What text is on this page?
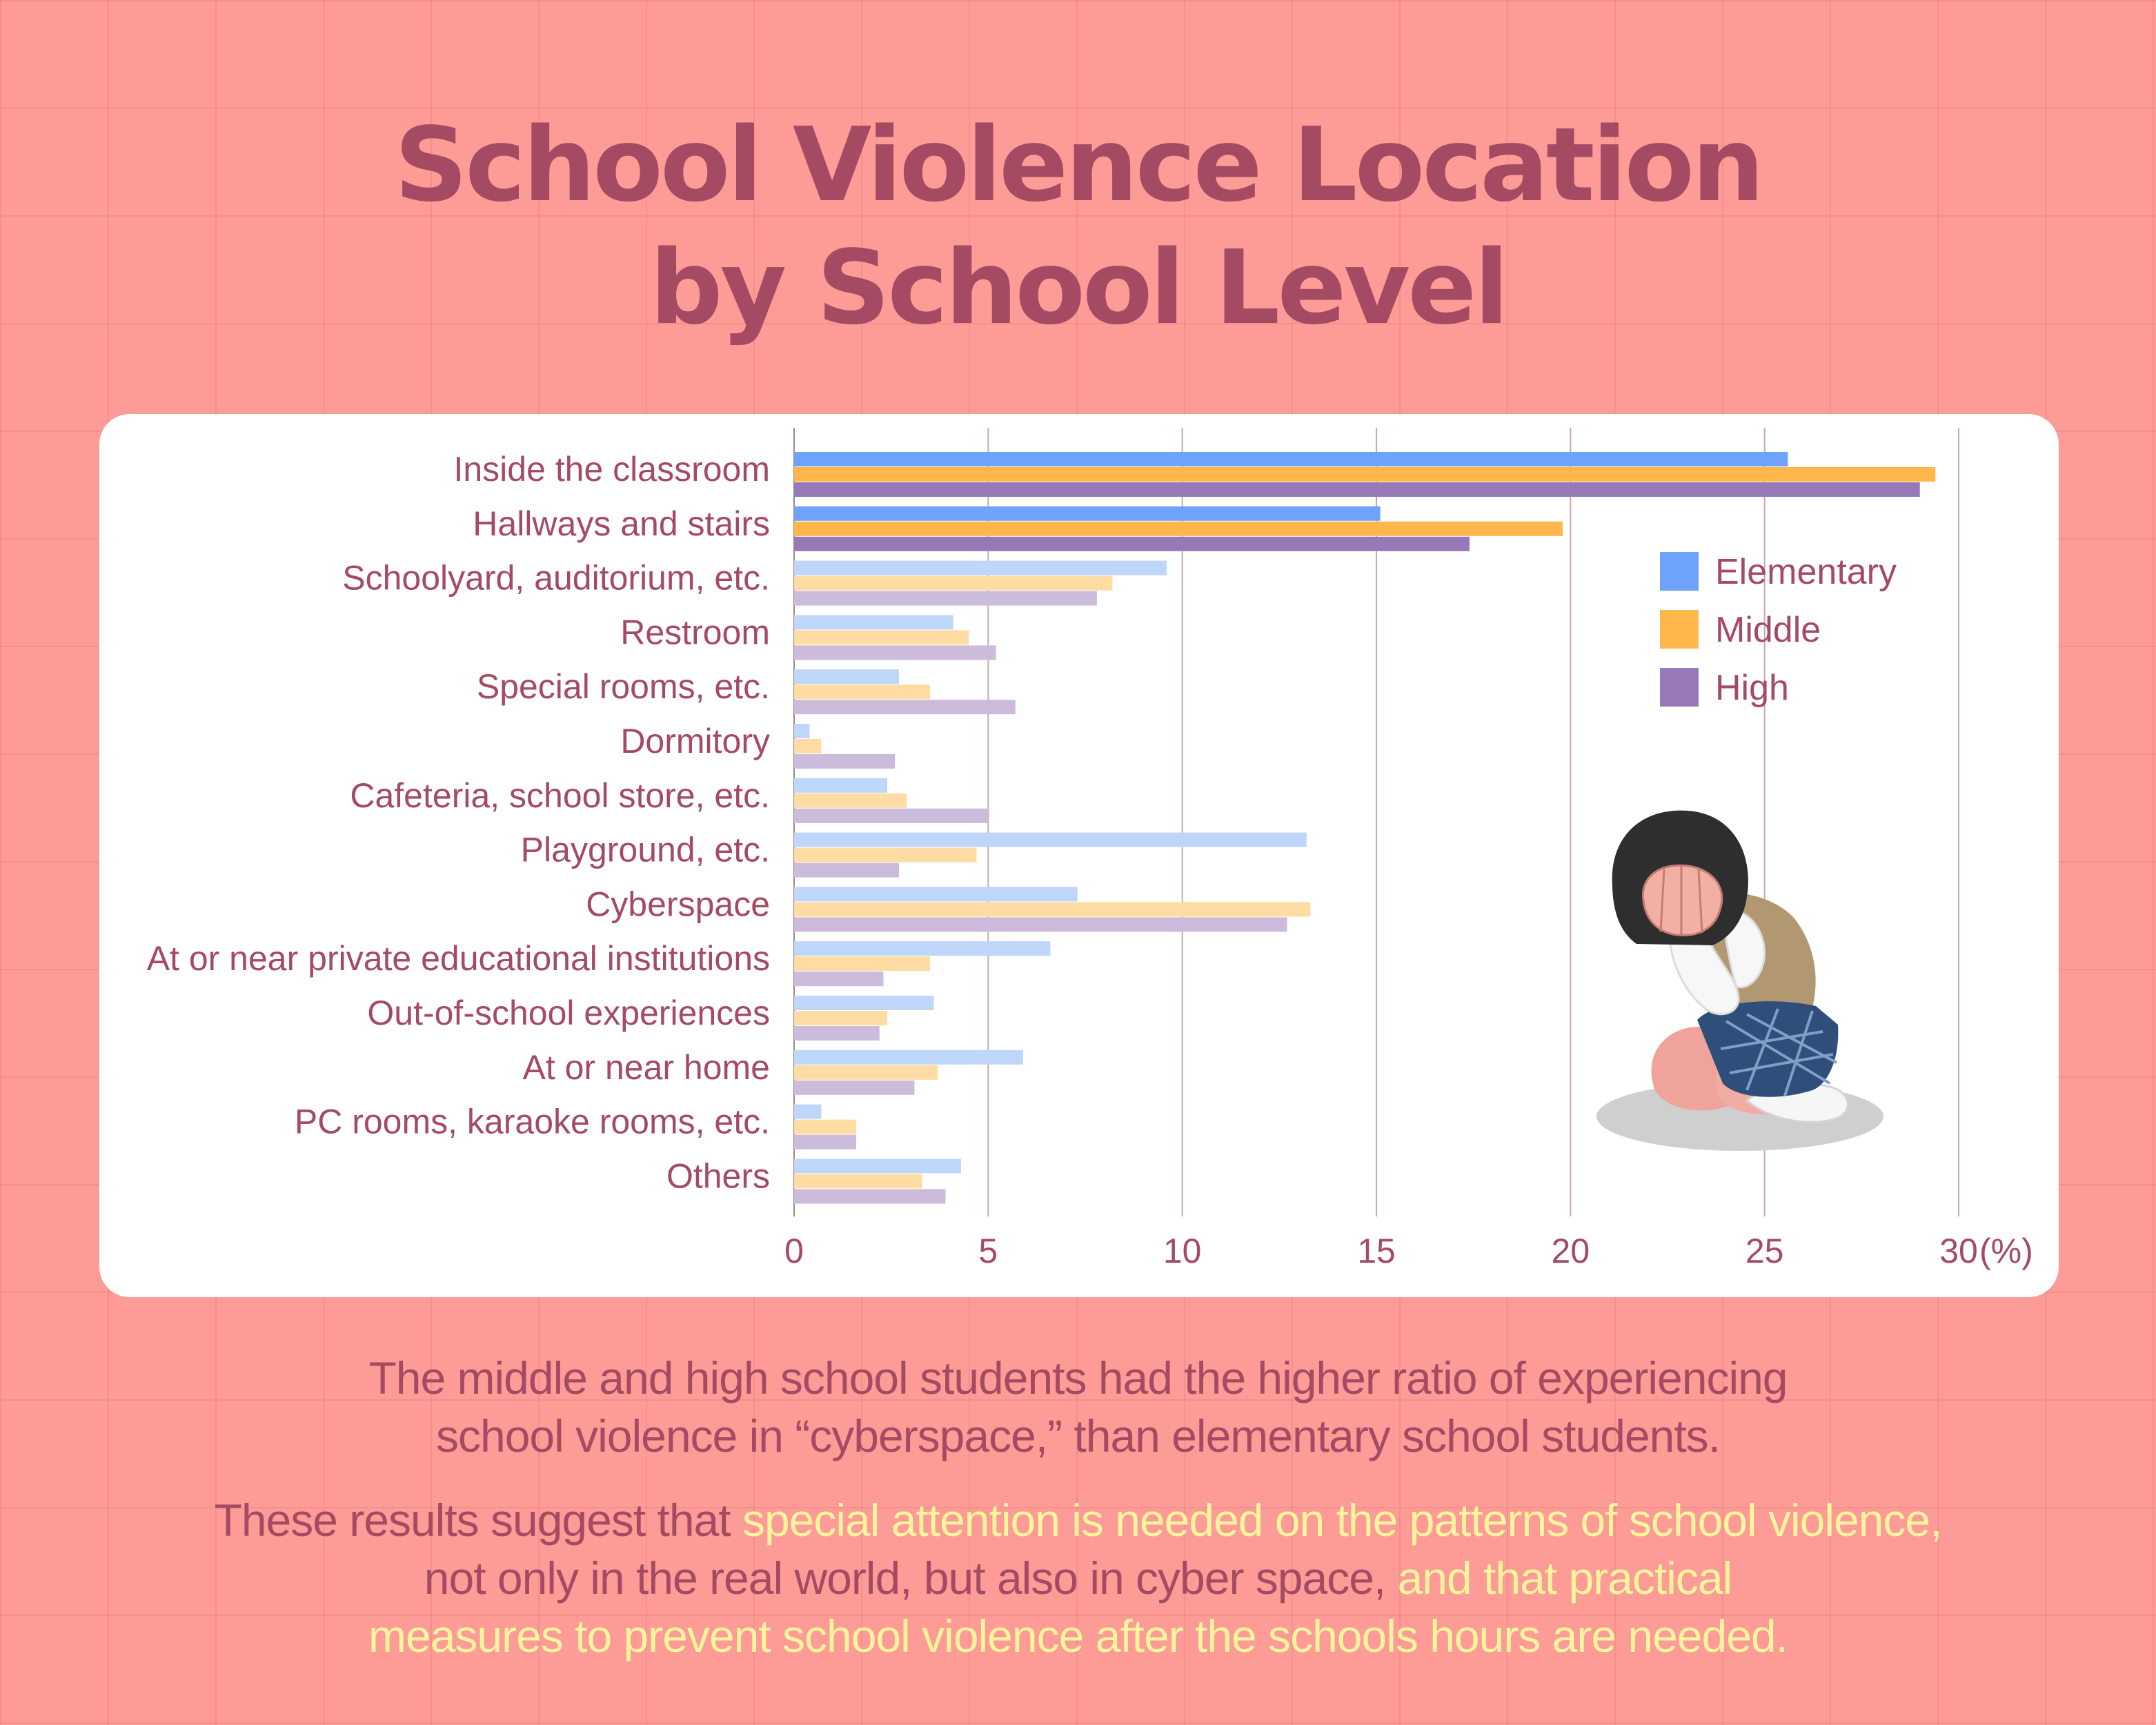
School Violence Location
by School Level
Inside the classroom
Hallways and stairs
Schoolyard, auditorium, etc.
Restroom
Special rooms, etc.
Dormitory
Cafeteria, school store, etc.
Playground, etc.
Cyberspace
At or near private educational institutions
Out-of-school experiences
At or near home
PC rooms, karaoke rooms, etc.
Others
0	5	10	15	20	25	30 (%)
Elementary
Middle
High

The middle and high school students had the higher ratio of experiencing
school violence in “cyberspace,” than elementary school students.

These results suggest that special attention is needed on the patterns of school violence,
not only in the real world, but also in cyber space, and that practical
measures to prevent school violence after the schools hours are needed.
